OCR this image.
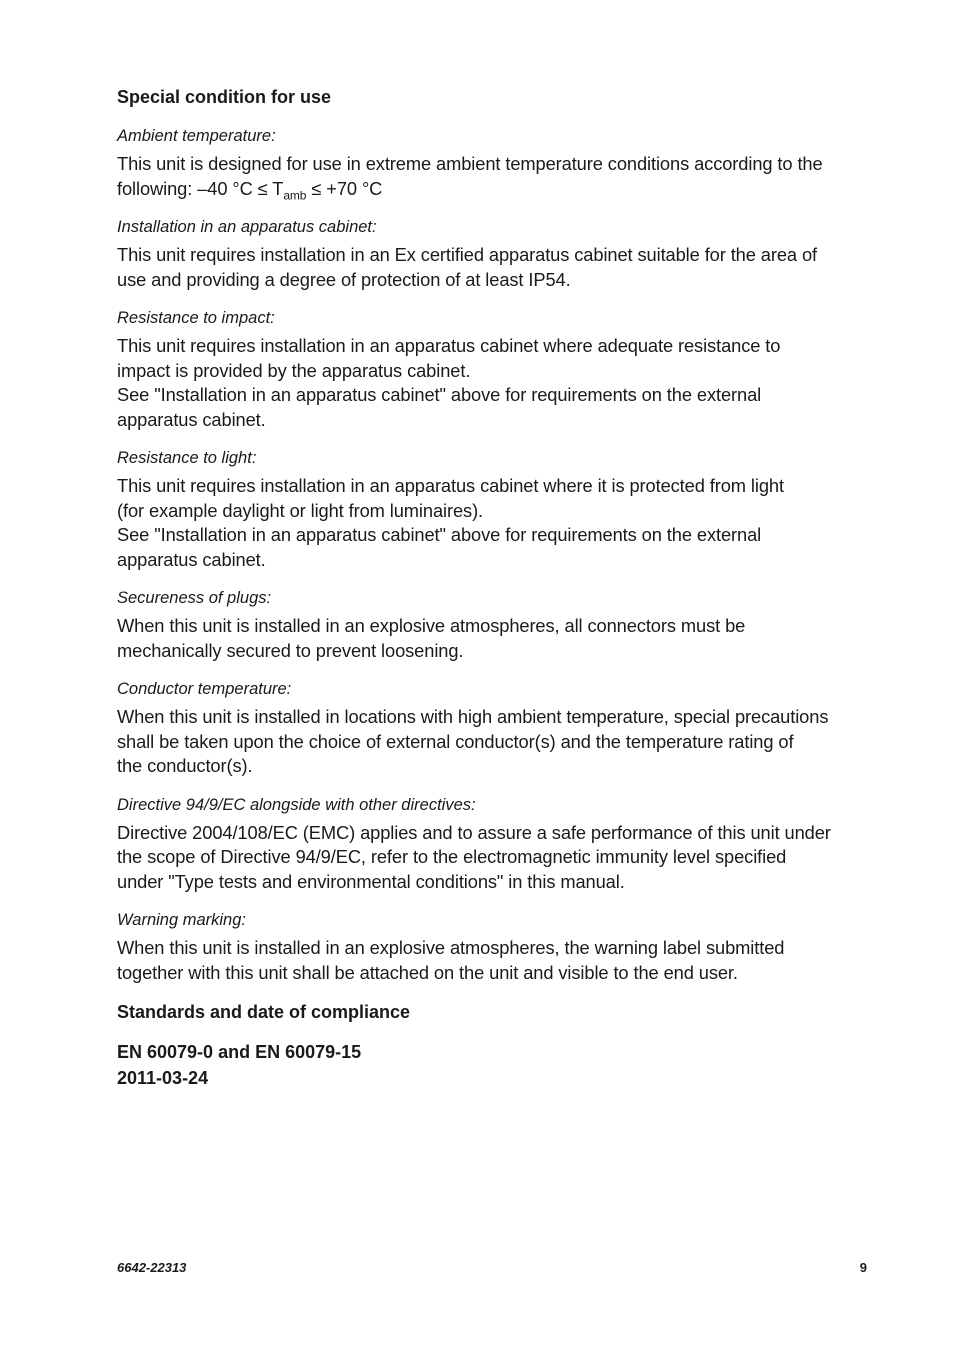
Special condition for use
Ambient temperature:

This unit is designed for use in extreme ambient temperature conditions according to the

following: –40 $^\circ C \le T_{amb} \le +70$ °C

Installation in an apparatus cabinet:

This unit requires installation in an Ex certified apparatus cabinet suitable for the area of

use and providing a degree of protection of at least IP54.

Resistance to impact:

This unit requires installation in an apparatus cabinet where adequate resistance to

impact is provided by the apparatus cabinet.

See "Installation in an apparatus cabinet" above for requirements on the external

apparatus cabinet.

Resistance to light:

This unit requires installation in an apparatus cabinet where it is protected from light

(for example daylight or light from luminaires).

See "Installation in an apparatus cabinet" above for requirements on the external

apparatus cabinet.

Secureness of plugs:

When this unit is installed in an explosive atmospheres, all connectors must be

mechanically secured to prevent loosening.

Conductor temperature:

When this unit is installed in locations with high ambient temperature, special precautions

shall be taken upon the choice of external conductor(s) and the temperature rating of

the conductor(s).

Directive 94/9/EC alongside with other directives:

Directive 2004/108/EC (EMC) applies and to assure a safe performance of this unit under

the scope of Directive 94/9/EC, refer to the electromagnetic immunity level specified

under "Type tests and environmental conditions" in this manual.

Warning marking:

When this unit is installed in an explosive atmospheres, the warning label submitted

together with this unit shall be attached on the unit and visible to the end user.

Standards and date of compliance
EN 60079-0 and EN 60079-15
2011-03-24
6642-22313	9
